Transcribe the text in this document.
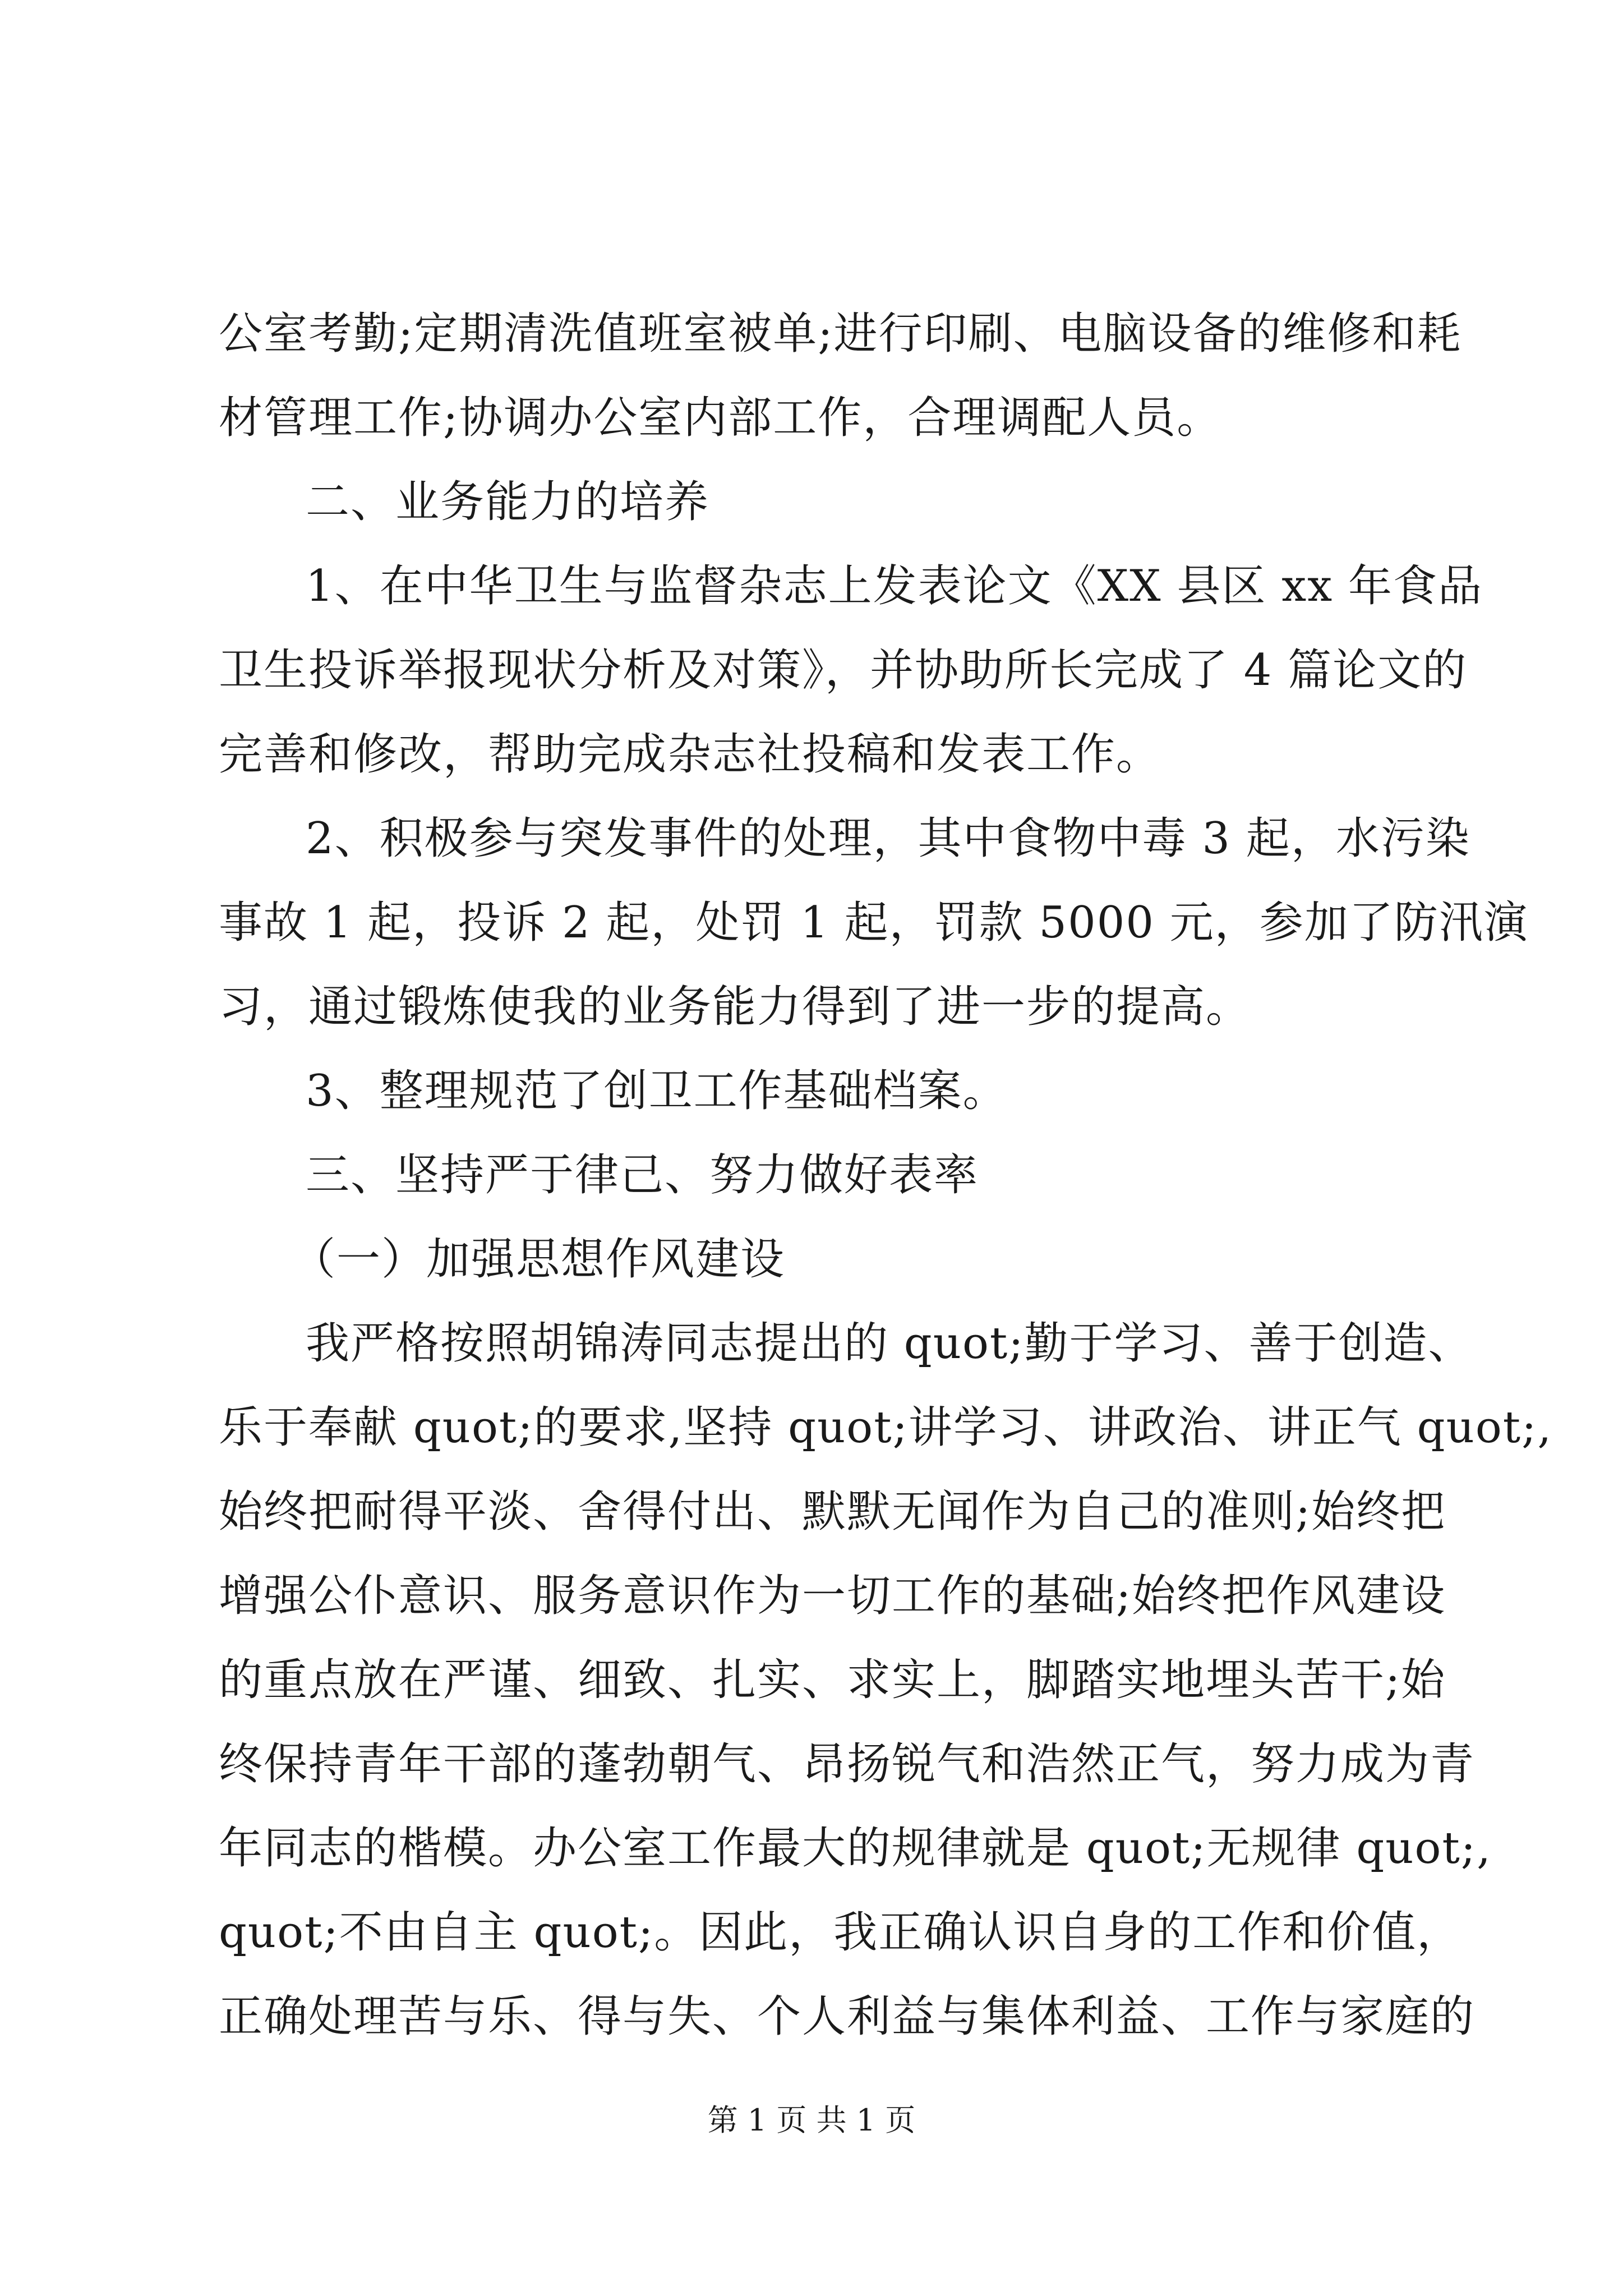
公室考勤;定期清洗值班室被单;进行印刷、电脑设备的维修和耗
材管理工作;协调办公室内部工作，合理调配人员。
二、业务能力的培养
1、在中华卫生与监督杂志上发表论文《XX 县区 xx 年食品
卫生投诉举报现状分析及对策》，并协助所长完成了 4 篇论文的
完善和修改，帮助完成杂志社投稿和发表工作。
2、积极参与突发事件的处理，其中食物中毒 3 起，水污染
事故 1 起，投诉 2 起，处罚 1 起，罚款 5000 元，参加了防汛演
习，通过锻炼使我的业务能力得到了进一步的提高。
3、整理规范了创卫工作基础档案。
三、坚持严于律己、努力做好表率
（一）加强思想作风建设
我严格按照胡锦涛同志提出的 quot;勤于学习、善于创造、
乐于奉献 quot;的要求,坚持 quot;讲学习、讲政治、讲正气 quot;,
始终把耐得平淡、舍得付出、默默无闻作为自己的准则;始终把
增强公仆意识、服务意识作为一切工作的基础;始终把作风建设
的重点放在严谨、细致、扎实、求实上，脚踏实地埋头苦干;始
终保持青年干部的蓬勃朝气、昂扬锐气和浩然正气，努力成为青
年同志的楷模。办公室工作最大的规律就是 quot;无规律 quot;,
quot;不由自主 quot;。因此，我正确认识自身的工作和价值，
正确处理苦与乐、得与失、个人利益与集体利益、工作与家庭的
第 1 页 共 1 页
